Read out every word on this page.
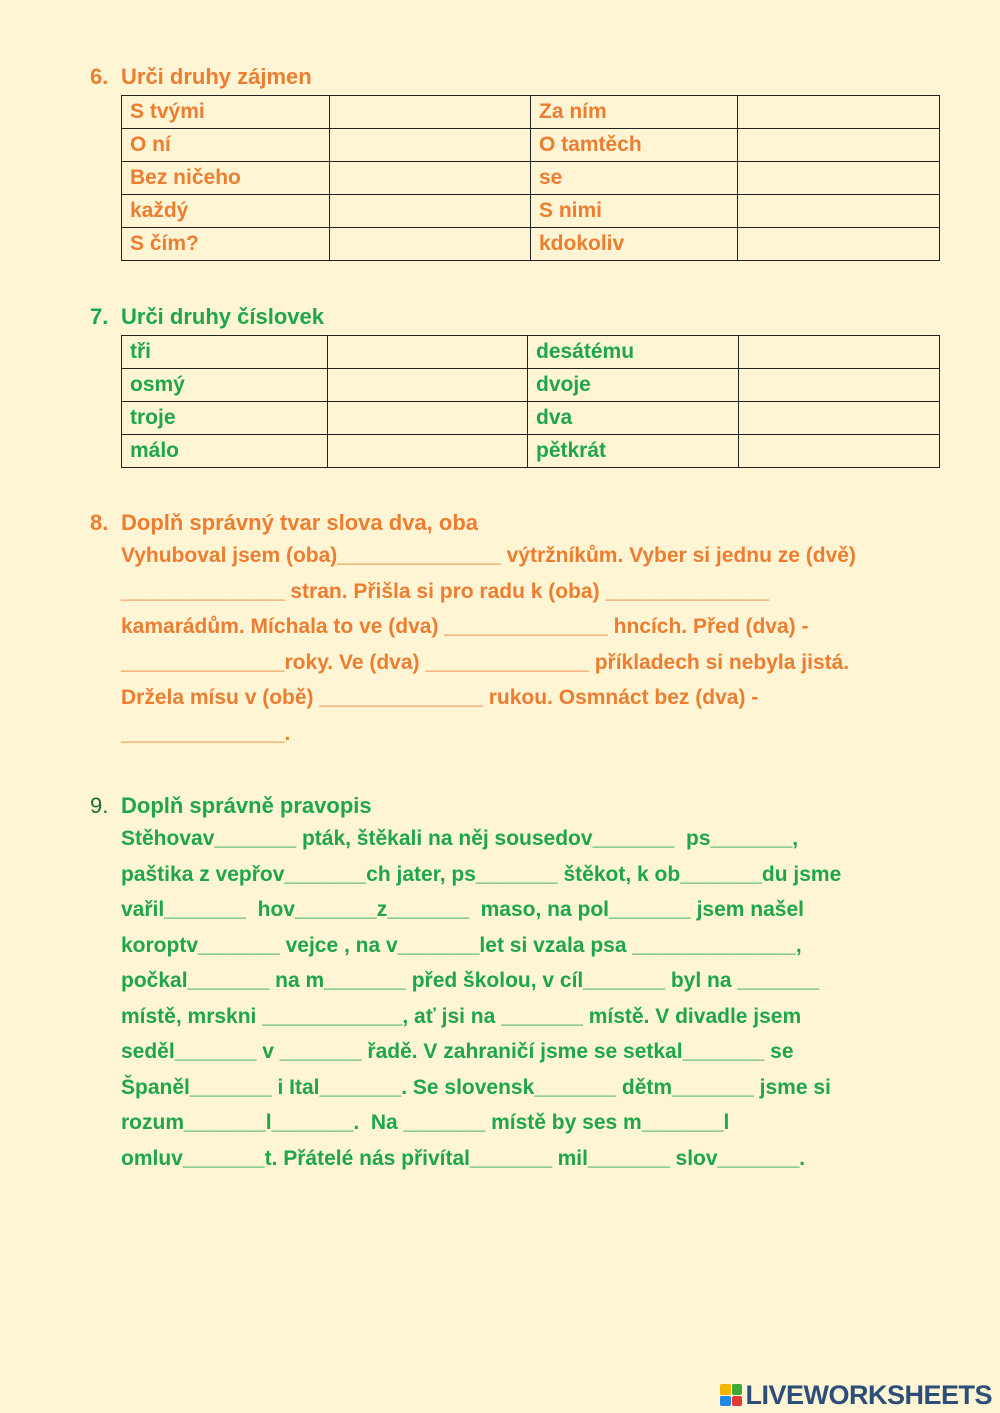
6. Urči druhy zájmen
S tvými		Za ním	
O ní		O tamtěch	
Bez ničeho		se	
každý		S nimi	
S čím?		kdokoliv	
7. Urči druhy číslovek
tři		desátému	
osmý		dvoje	
troje		dva	
málo		pětkrát	
8. Doplň správný tvar slova dva, oba
Vyhuboval jsem (oba)______________ výtržníkům. Vyber si jednu ze (dvě)
______________ stran. Přišla si pro radu k (oba) ______________
kamarádům. Míchala to ve (dva) ______________ hncích. Před (dva) -
______________roky. Ve (dva) ______________ příkladech si nebyla jistá.
Držela mísu v (obě) ______________ rukou. Osmnáct bez (dva) -
______________.
9. Doplň správně pravopis
Stěhovav_______ pták, štěkali na něj sousedov_______  ps_______,
paštika z vepřov_______ch jater, ps_______ štěkot, k ob_______du jsme
vařil_______  hov_______z_______  maso, na pol_______ jsem našel
koroptv_______ vejce , na v_______let si vzala psa ______________,
počkal_______ na m_______ před školou, v cíl_______ byl na _______
místě, mrskni ____________, ať jsi na _______ místě. V divadle jsem
seděl_______ v _______ řadě. V zahraničí jsme se setkal_______ se
Španěl_______ i Ital_______. Se slovensk_______ dětm_______ jsme si
rozum_______l_______.  Na _______ místě by ses m_______l
omluv_______t. Přátelé nás přivítal_______ mil_______ slov_______.
LIVEWORKSHEETS
